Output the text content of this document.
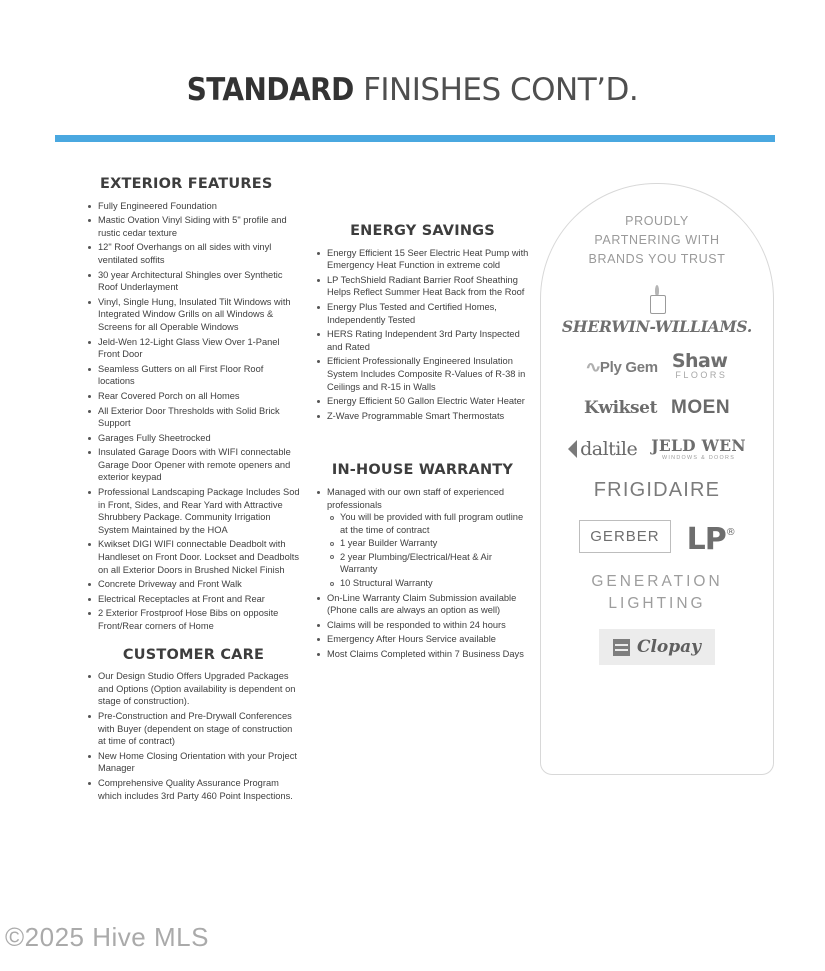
STANDARD FINISHES CONT’D.
EXTERIOR FEATURES
Fully Engineered Foundation
Mastic Ovation Vinyl Siding with 5" profile and rustic cedar texture
12" Roof Overhangs on all sides with vinyl ventilated soffits
30 year Architectural Shingles over Synthetic Roof Underlayment
Vinyl, Single Hung, Insulated Tilt Windows with Integrated Window Grills on all Windows & Screens for all Operable Windows
Jeld-Wen 12-Light Glass View Over 1-Panel Front Door
Seamless Gutters on all First Floor Roof locations
Rear Covered Porch on all Homes
All Exterior Door Thresholds with Solid Brick Support
Garages Fully Sheetrocked
Insulated Garage Doors with WIFI connectable Garage Door Opener with remote openers and exterior keypad
Professional Landscaping Package Includes Sod in Front, Sides, and Rear Yard with Attractive Shrubbery Package. Community Irrigation System Maintained by the HOA
Kwikset DIGI WIFI connectable Deadbolt with Handleset on Front Door. Lockset and Deadbolts on all Exterior Doors in Brushed Nickel Finish
Concrete Driveway and Front Walk
Electrical Receptacles at Front and Rear
2 Exterior Frostproof Hose Bibs on opposite Front/Rear corners of Home
CUSTOMER CARE
Our Design Studio Offers Upgraded Packages and Options (Option availability is dependent on stage of construction).
Pre-Construction and Pre-Drywall Conferences with Buyer (dependent on stage of construction at time of contract)
New Home Closing Orientation with your Project Manager
Comprehensive Quality Assurance Program which includes 3rd Party 460 Point Inspections.
ENERGY SAVINGS
Energy Efficient 15 Seer Electric Heat Pump with Emergency Heat Function in extreme cold
LP TechShield Radiant Barrier Roof Sheathing Helps Reflect Summer Heat Back from the Roof
Energy Plus Tested and Certified Homes, Independently Tested
HERS Rating Independent 3rd Party Inspected and Rated
Efficient Professionally Engineered Insulation System Includes Composite R-Values of R-38 in Ceilings and R-15 in Walls
Energy Efficient 50 Gallon Electric Water Heater
Z-Wave Programmable Smart Thermostats
IN-HOUSE WARRANTY
Managed with our own staff of experienced professionals
You will be provided with full program outline at the time of contract
1 year Builder Warranty
2 year Plumbing/Electrical/Heat & Air Warranty
10 Structural Warranty
On-Line Warranty Claim Submission available (Phone calls are always an option as well)
Claims will be responded to within 24 hours
Emergency After Hours Service available
Most Claims Completed within 7 Business Days
PROUDLY
PARTNERING WITH
BRANDS YOU TRUST
SHERWIN-WILLIAMS.
∿Ply Gem Shaw
FLOORS
Kwikset MOEN
daltile JELD WEN
WINDOWS & DOORS
FRIGIDAIRE
GERBER LP®
GENERATION
LIGHTING
Clopay
©2025 Hive MLS
